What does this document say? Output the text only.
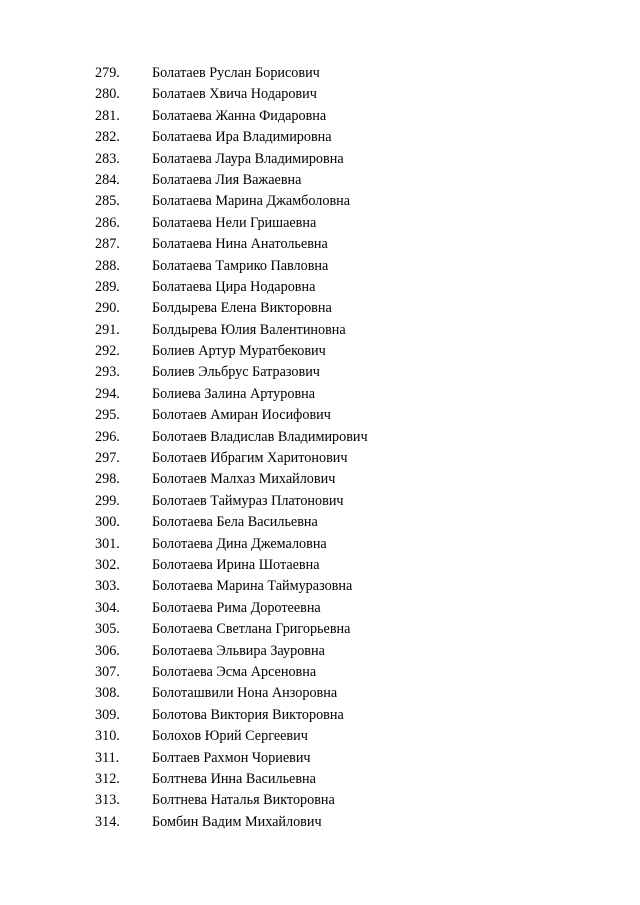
279.	Болатаев Руслан Борисович
280.	Болатаев Хвича Нодарович
281.	Болатаева Жанна Фидаровна
282.	Болатаева Ира Владимировна
283.	Болатаева Лаура Владимировна
284.	Болатаева Лия Важаевна
285.	Болатаева Марина Джамболовна
286.	Болатаева Нели Гришаевна
287.	Болатаева Нина Анатольевна
288.	Болатаева Тамрико Павловна
289.	Болатаева Цира Нодаровна
290.	Болдырева Елена Викторовна
291.	Болдырева Юлия Валентиновна
292.	Болиев Артур Муратбекович
293.	Болиев Эльбрус Батразович
294.	Болиева Залина Артуровна
295.	Болотаев Амиран Иосифович
296.	Болотаев Владислав Владимирович
297.	Болотаев Ибрагим Харитонович
298.	Болотаев Малхаз Михайлович
299.	Болотаев Таймураз Платонович
300.	Болотаева Бела Васильевна
301.	Болотаева Дина Джемаловна
302.	Болотаева Ирина Шотаевна
303.	Болотаева Марина Таймуразовна
304.	Болотаева Рима Доротеевна
305.	Болотаева Светлана Григорьевна
306.	Болотаева Эльвира Зауровна
307.	Болотаева Эсма Арсеновна
308.	Болоташвили Нона Анзоровна
309.	Болотова Виктория Викторовна
310.	Болохов Юрий Сергеевич
311.	Болтаев Рахмон Чориевич
312.	Болтнева Инна Васильевна
313.	Болтнева Наталья Викторовна
314.	Бомбин Вадим Михайлович
